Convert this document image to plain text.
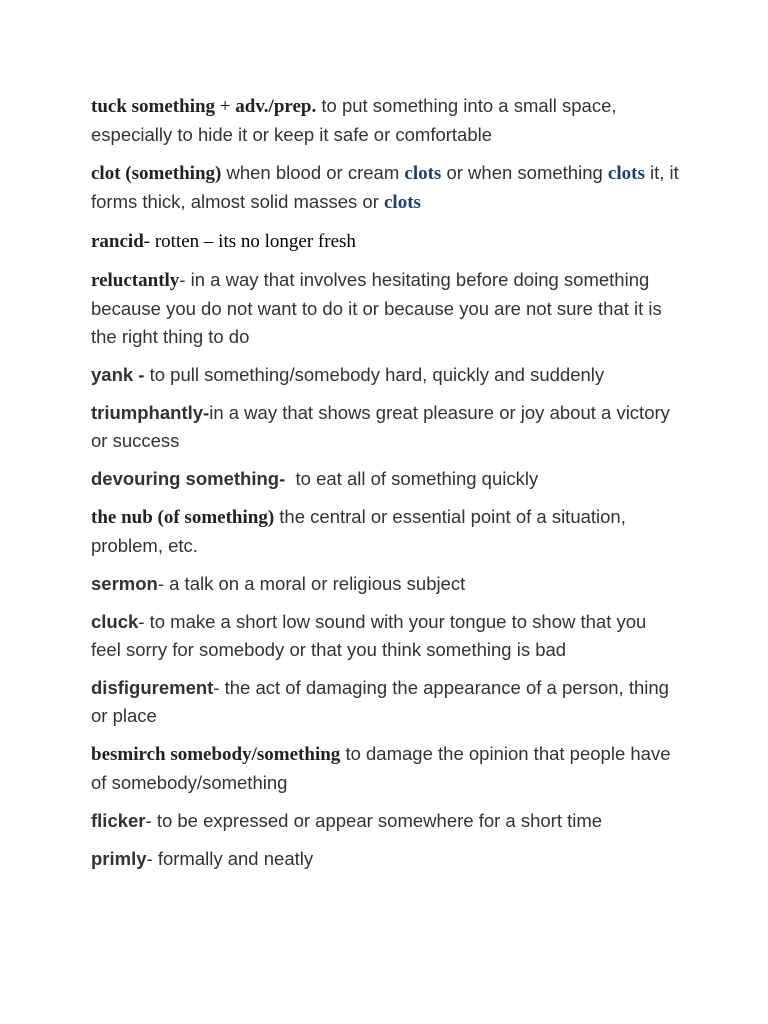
tuck something + adv./prep. to put something into a small space, especially to hide it or keep it safe or comfortable

clot (something) when blood or cream clots or when something clots it, it forms thick, almost solid masses or clots

rancid- rotten – its no longer fresh

reluctantly- in a way that involves hesitating before doing something because you do not want to do it or because you are not sure that it is the right thing to do

yank - to pull something/somebody hard, quickly and suddenly

triumphantly-in a way that shows great pleasure or joy about a victory or success

devouring something-  to eat all of something quickly

the nub (of something) the central or essential point of a situation, problem, etc.

sermon- a talk on a moral or religious subject

cluck- to make a short low sound with your tongue to show that you feel sorry for somebody or that you think something is bad

disfigurement- the act of damaging the appearance of a person, thing or place

besmirch somebody/something to damage the opinion that people have of somebody/something

flicker- to be expressed or appear somewhere for a short time

primly- formally and neatly
